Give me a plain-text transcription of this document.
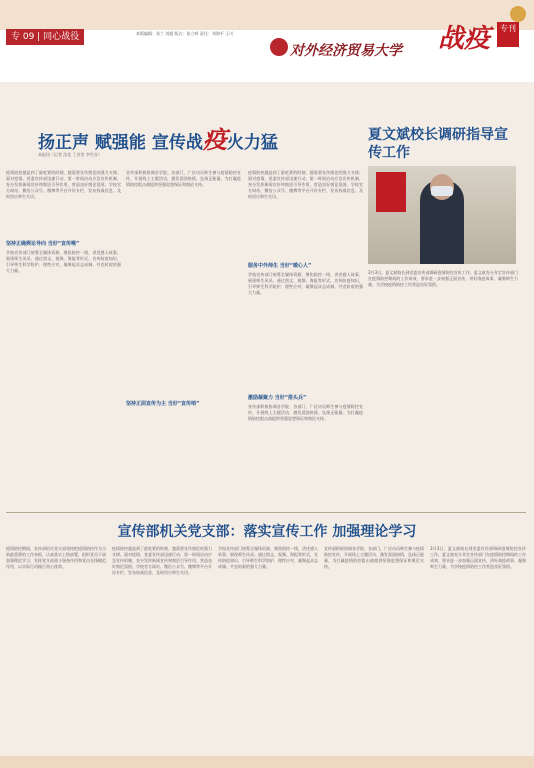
专 09 | 同心战役	本版编辑：张兰 刘超 版式：张立辉 责任：刘海平 王川
对外经济贸易大学 战疫	专刊
扬正声 赋强能 宣传战疫火力猛
本报讯（记者 沈佳 丁彦雯 李竹音）
坚持正确舆论导向 当好“宣传喉”
疫情防控越是到了最吃紧的时刻，越需要宣传舆论的强力支撑。面对疫情，党委宣传部迅速行动，第一时间启动应急宣传机制，充分发挥新闻宣传和舆论引导作用，营造良好舆论氛围。学校官方网站、微信公众号、微博等平台开设专栏，发布权威信息，及时回应师生关切。
学校宣传部门统筹全媒体资源，聚焦防控一线，讲述感人故事，展现师生风采。通过图文、视频、海报等形式，宣传防疫知识，引导师生科学防护、理性应对，凝聚起众志成城、共克时艰的强大力量。
宣传部积极协调各学院、各部门，广泛动员师生参与疫情防控宣传，开展线上主题活动，激发爱国热情，弘扬正能量，为打赢疫情防控阻击战提供坚强思想保证和舆论支持。
坚持正面宣传为主 当好“宣传哨”
服务中外师生 当好“暖心人”
疫情防控越是到了最吃紧的时刻，越需要宣传舆论的强力支撑。面对疫情，党委宣传部迅速行动，第一时间启动应急宣传机制，充分发挥新闻宣传和舆论引导作用，营造良好舆论氛围。学校官方网站、微信公众号、微博等平台开设专栏，发布权威信息，及时回应师生关切。
学校宣传部门统筹全媒体资源，聚焦防控一线，讲述感人故事，展现师生风采。通过图文、视频、海报等形式，宣传防疫知识，引导师生科学防护、理性应对，凝聚起众志成城、共克时艰的强大力量。
激励凝聚力 当好“排头兵”
宣传部积极协调各学院、各部门，广泛动员师生参与疫情防控宣传，开展线上主题活动，激发爱国热情，弘扬正能量，为打赢疫情防控阻击战提供坚强思想保证和舆论支持。
夏文斌校长调研指导宣传工作
3月3日，夏文斌校长到党委宣传部调研疫情防控宣传工作。夏文斌充分肯定宣传部门在疫情防控期间的工作成效，要求进一步加强正面宣传，讲好战疫故事，凝聚师生力量，为学校疫情防控工作营造良好氛围。
宣传部机关党支部：落实宣传工作 加强理论学习
疫情防控期间，宣传部机关党支部坚持把疫情防控作为当前最重要的工作来抓，认真落实上级部署，组织党员干部加强理论学习，发挥党支部战斗堡垒作用和党员先锋模范作用，以实际行动践行初心使命。
疫情防控越是到了最吃紧的时刻，越需要宣传舆论的强力支撑。面对疫情，党委宣传部迅速行动，第一时间启动应急宣传机制，充分发挥新闻宣传和舆论引导作用，营造良好舆论氛围。学校官方网站、微信公众号、微博等平台开设专栏，发布权威信息，及时回应师生关切。
学校宣传部门统筹全媒体资源，聚焦防控一线，讲述感人故事，展现师生风采。通过图文、视频、海报等形式，宣传防疫知识，引导师生科学防护、理性应对，凝聚起众志成城、共克时艰的强大力量。
宣传部积极协调各学院、各部门，广泛动员师生参与疫情防控宣传，开展线上主题活动，激发爱国热情，弘扬正能量，为打赢疫情防控阻击战提供坚强思想保证和舆论支持。
3月3日，夏文斌校长到党委宣传部调研疫情防控宣传工作。夏文斌充分肯定宣传部门在疫情防控期间的工作成效，要求进一步加强正面宣传，讲好战疫故事，凝聚师生力量，为学校疫情防控工作营造良好氛围。
